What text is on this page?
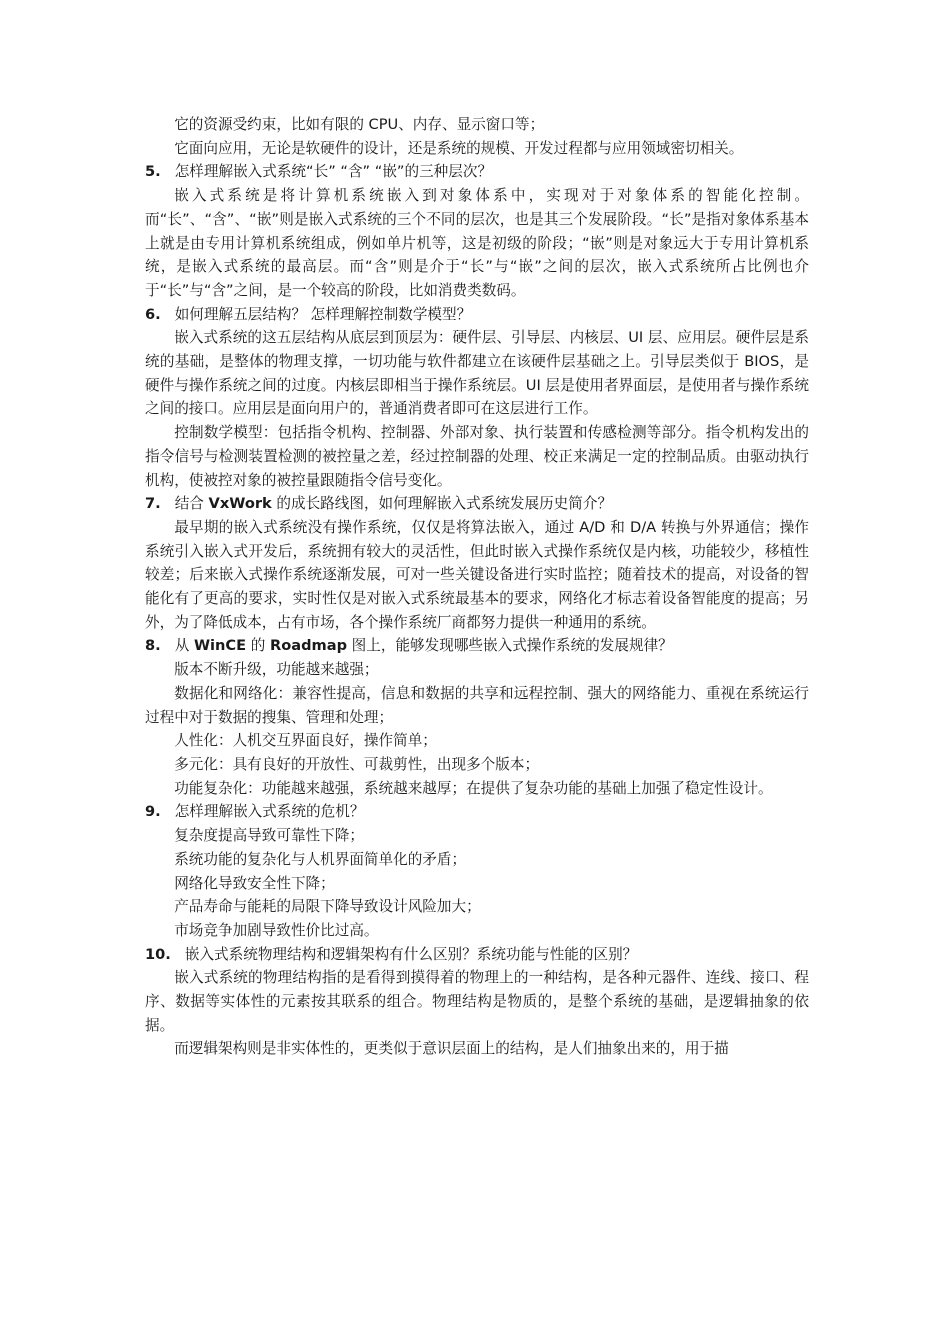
它的资源受约束，比如有限的 CPU、内存、显示窗口等；

它面向应用，无论是软硬件的设计，还是系统的规模、开发过程都与应用领域密切相关。

5. 怎样理解嵌入式系统“长” “含” “嵌”的三种层次？

嵌入式系统是将计算机系统嵌入到对象体系中，实现对于对象体系的智能化控制。而“长”、“含”、“嵌”则是嵌入式系统的三个不同的层次，也是其三个发展阶段。“长”是指对象体系基本上就是由专用计算机系统组成，例如单片机等，这是初级的阶段；“嵌”则是对象远大于专用计算机系统，是嵌入式系统的最高层。而“含”则是介于“长”与“嵌”之间的层次，嵌入式系统所占比例也介于“长”与“含”之间，是一个较高的阶段，比如消费类数码。

6. 如何理解五层结构？ 怎样理解控制数学模型？

嵌入式系统的这五层结构从底层到顶层为：硬件层、引导层、内核层、UI 层、应用层。硬件层是系统的基础，是整体的物理支撑，一切功能与软件都建立在该硬件层基础之上。引导层类似于 BIOS，是硬件与操作系统之间的过度。内核层即相当于操作系统层。UI 层是使用者界面层，是使用者与操作系统之间的接口。应用层是面向用户的，普通消费者即可在这层进行工作。

控制数学模型：包括指令机构、控制器、外部对象、执行装置和传感检测等部分。指令机构发出的指令信号与检测装置检测的被控量之差，经过控制器的处理、校正来满足一定的控制品质。由驱动执行机构，使被控对象的被控量跟随指令信号变化。

7. 结合 VxWork 的成长路线图，如何理解嵌入式系统发展历史简介？

最早期的嵌入式系统没有操作系统，仅仅是将算法嵌入，通过 A/D 和 D/A 转换与外界通信；操作系统引入嵌入式开发后，系统拥有较大的灵活性，但此时嵌入式操作系统仅是内核，功能较少，移植性较差；后来嵌入式操作系统逐渐发展，可对一些关键设备进行实时监控；随着技术的提高，对设备的智能化有了更高的要求，实时性仅是对嵌入式系统最基本的要求，网络化才标志着设备智能度的提高；另外，为了降低成本，占有市场，各个操作系统厂商都努力提供一种通用的系统。

8. 从 WinCE 的 Roadmap 图上，能够发现哪些嵌入式操作系统的发展规律？

版本不断升级，功能越来越强；

数据化和网络化：兼容性提高，信息和数据的共享和远程控制、强大的网络能力、重视在系统运行过程中对于数据的搜集、管理和处理；

人性化：人机交互界面良好，操作简单；

多元化：具有良好的开放性、可裁剪性，出现多个版本；

功能复杂化：功能越来越强，系统越来越厚；在提供了复杂功能的基础上加强了稳定性设计。

9. 怎样理解嵌入式系统的危机？

复杂度提高导致可靠性下降；

系统功能的复杂化与人机界面简单化的矛盾；

网络化导致安全性下降；

产品寿命与能耗的局限下降导致设计风险加大；

市场竞争加剧导致性价比过高。

10. 嵌入式系统物理结构和逻辑架构有什么区别？系统功能与性能的区别？

嵌入式系统的物理结构指的是看得到摸得着的物理上的一种结构，是各种元器件、连线、接口、程序、数据等实体性的元素按其联系的组合。物理结构是物质的，是整个系统的基础，是逻辑抽象的依据。

而逻辑架构则是非实体性的，更类似于意识层面上的结构，是人们抽象出来的，用于描
